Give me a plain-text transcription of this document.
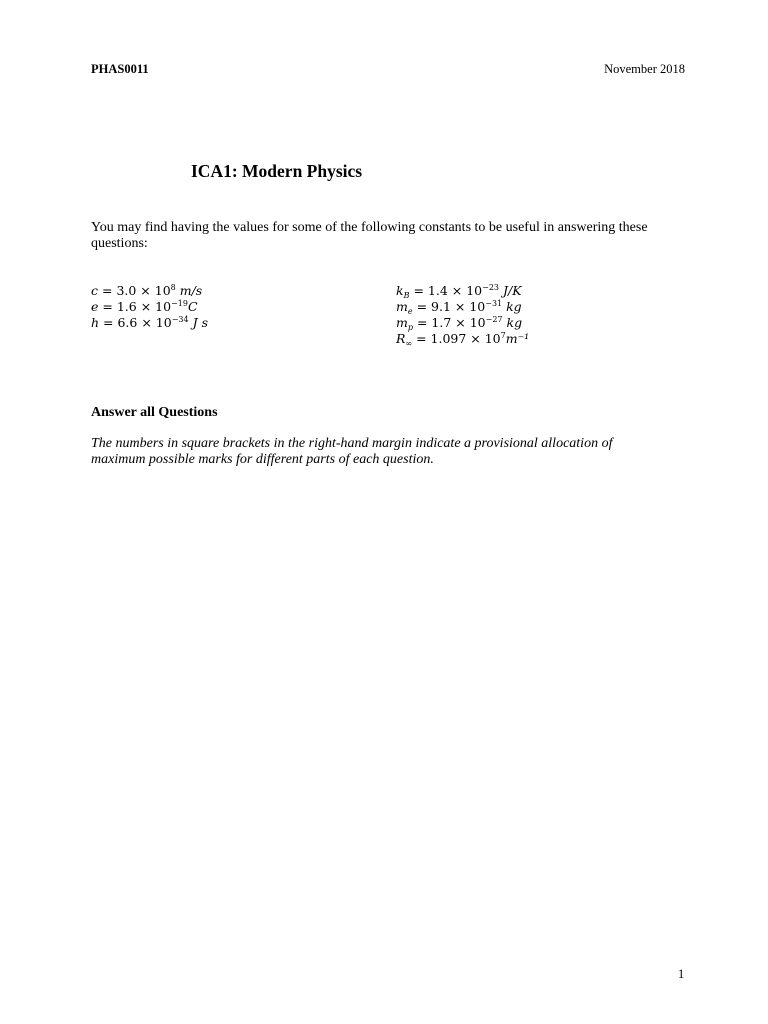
PHAS0011	November 2018
ICA1: Modern Physics
You may find having the values for some of the following constants to be useful in answering these questions:
$c = 3.0 \times 10^8$ m/s
$e = 1.6 \times 10^{-19}C$
$h = 6.6 \times 10^{-34}$ J s
$k_B = 1.4 \times 10^{-23}$ J/K
$m_e = 9.1 \times 10^{-31}$ kg
$m_p = 1.7 \times 10^{-27}$ kg
$R_\infty = 1.097 \times 10^7m^{-1}$
Answer all Questions
The numbers in square brackets in the right-hand margin indicate a provisional allocation of maximum possible marks for different parts of each question.
1
